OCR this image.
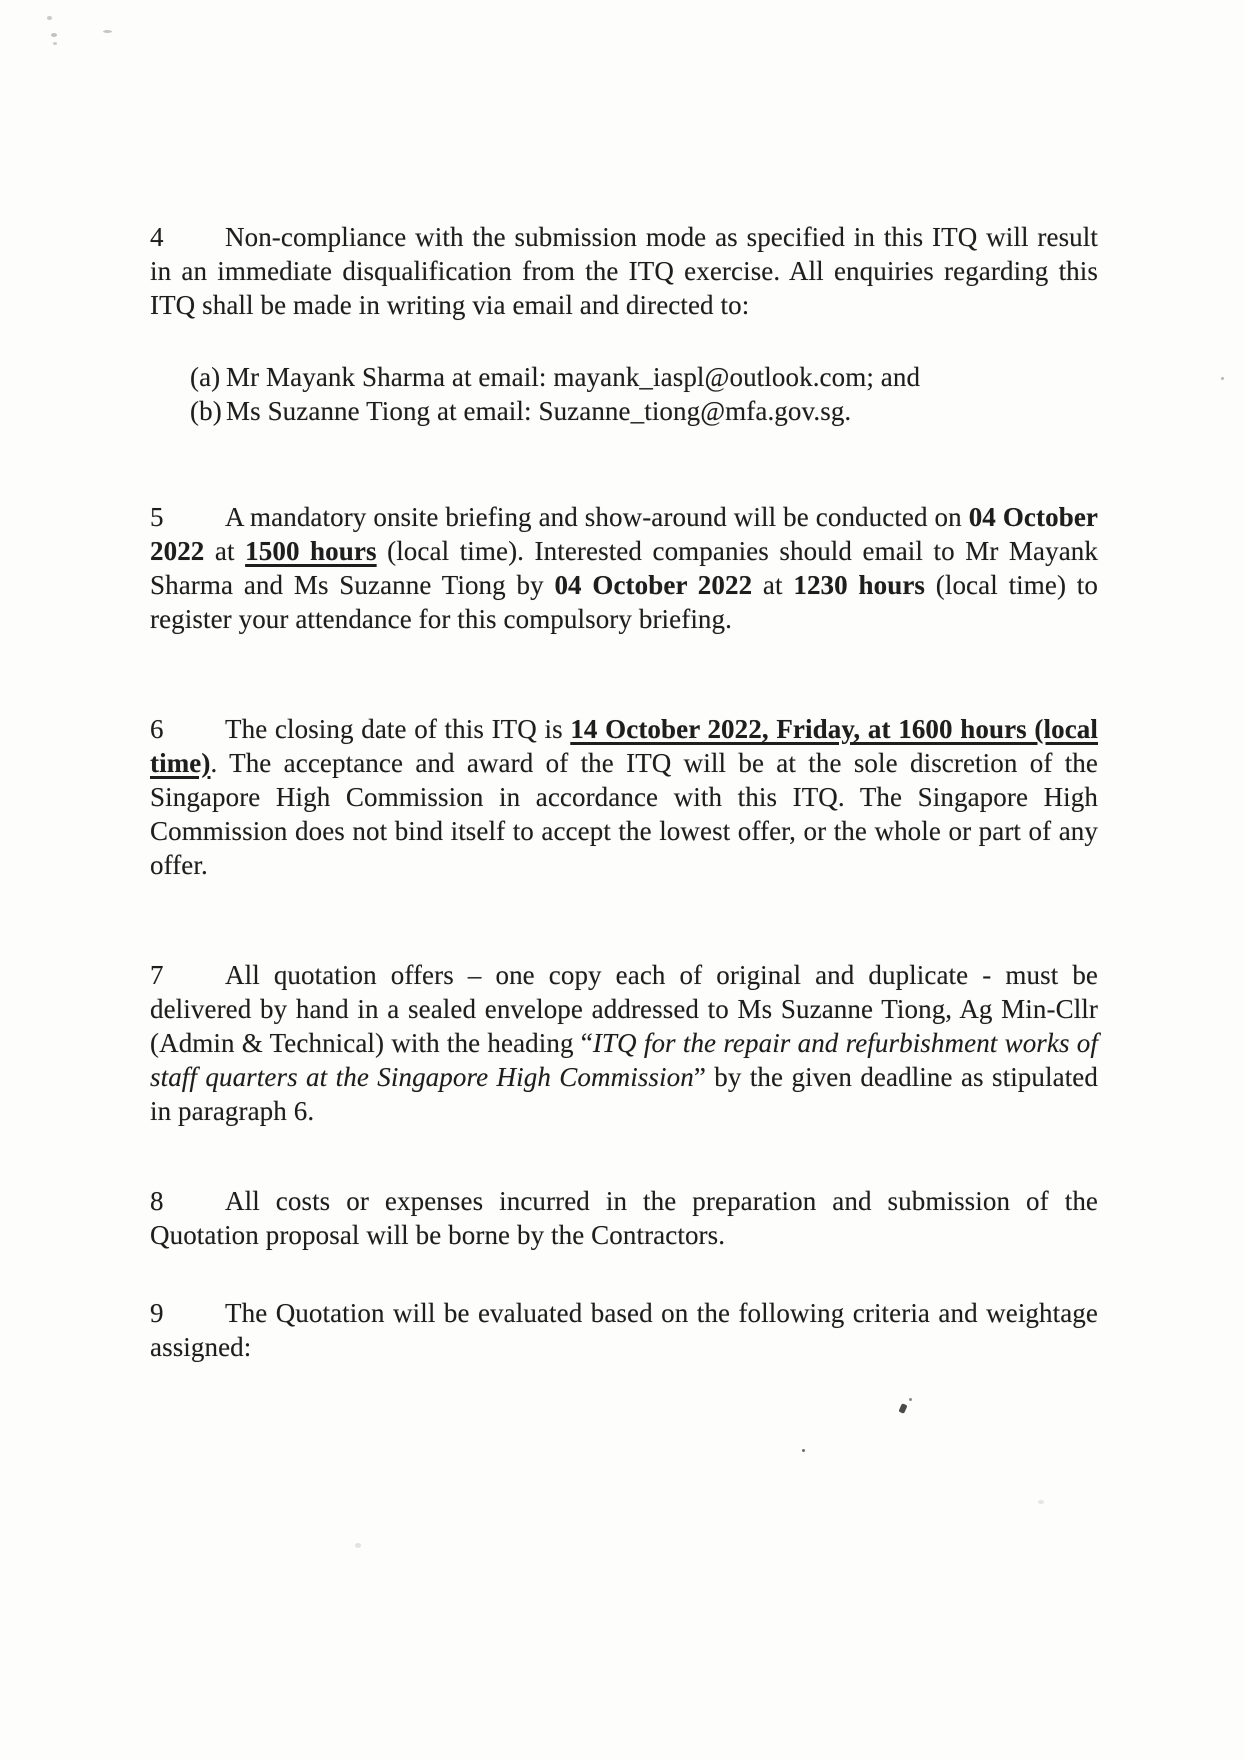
4	Non-compliance with the submission mode as specified in this ITQ will result in an immediate disqualification from the ITQ exercise. All enquiries regarding this ITQ shall be made in writing via email and directed to:

(a) Mr Mayank Sharma at email: mayank_iaspl@outlook.com; and
(b) Ms Suzanne Tiong at email: Suzanne_tiong@mfa.gov.sg.
5	A mandatory onsite briefing and show-around will be conducted on 04 October 2022 at 1500 hours (local time). Interested companies should email to Mr Mayank Sharma and Ms Suzanne Tiong by 04 October 2022 at 1230 hours (local time) to register your attendance for this compulsory briefing.

6	The closing date of this ITQ is 14 October 2022, Friday, at 1600 hours (local time). The acceptance and award of the ITQ will be at the sole discretion of the Singapore High Commission in accordance with this ITQ. The Singapore High Commission does not bind itself to accept the lowest offer, or the whole or part of any offer.

7	All quotation offers – one copy each of original and duplicate - must be delivered by hand in a sealed envelope addressed to Ms Suzanne Tiong, Ag Min-Cllr (Admin & Technical) with the heading “ITQ for the repair and refurbishment works of staff quarters at the Singapore High Commission” by the given deadline as stipulated in paragraph 6.

8	All costs or expenses incurred in the preparation and submission of the Quotation proposal will be borne by the Contractors.

9	The Quotation will be evaluated based on the following criteria and weightage assigned:
